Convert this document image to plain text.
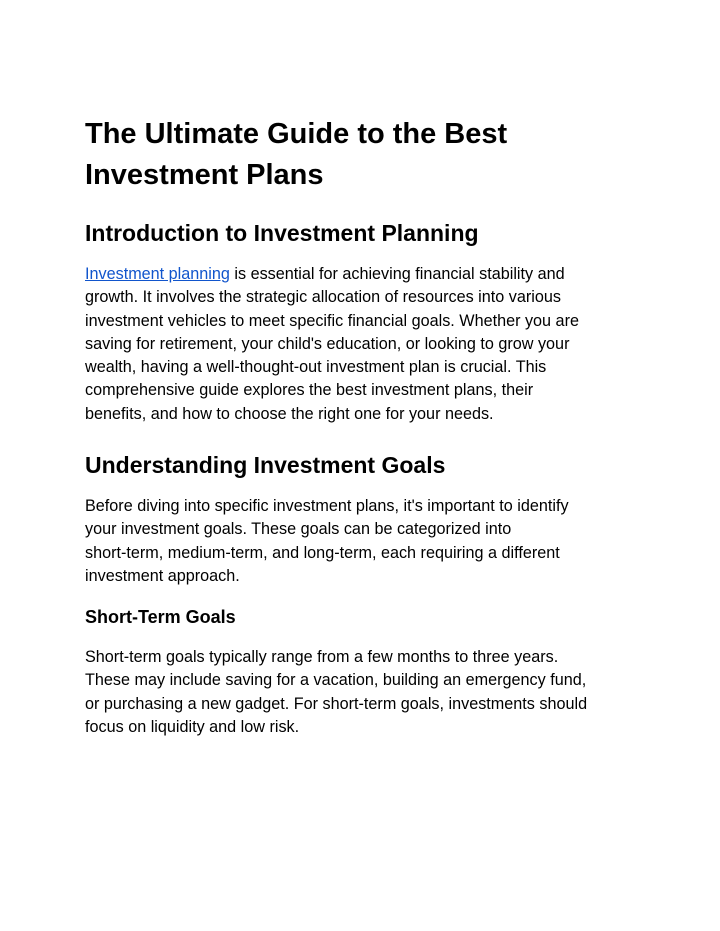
The Ultimate Guide to the Best
Investment Plans
Introduction to Investment Planning

Investment planning is essential for achieving financial stability and
growth. It involves the strategic allocation of resources into various
investment vehicles to meet specific financial goals. Whether you are
saving for retirement, your child's education, or looking to grow your
wealth, having a well-thought-out investment plan is crucial. This
comprehensive guide explores the best investment plans, their
benefits, and how to choose the right one for your needs.

Understanding Investment Goals

Before diving into specific investment plans, it's important to identify
your investment goals. These goals can be categorized into
short-term, medium-term, and long-term, each requiring a different
investment approach.

Short-Term Goals

Short-term goals typically range from a few months to three years.
These may include saving for a vacation, building an emergency fund,
or purchasing a new gadget. For short-term goals, investments should
focus on liquidity and low risk.
